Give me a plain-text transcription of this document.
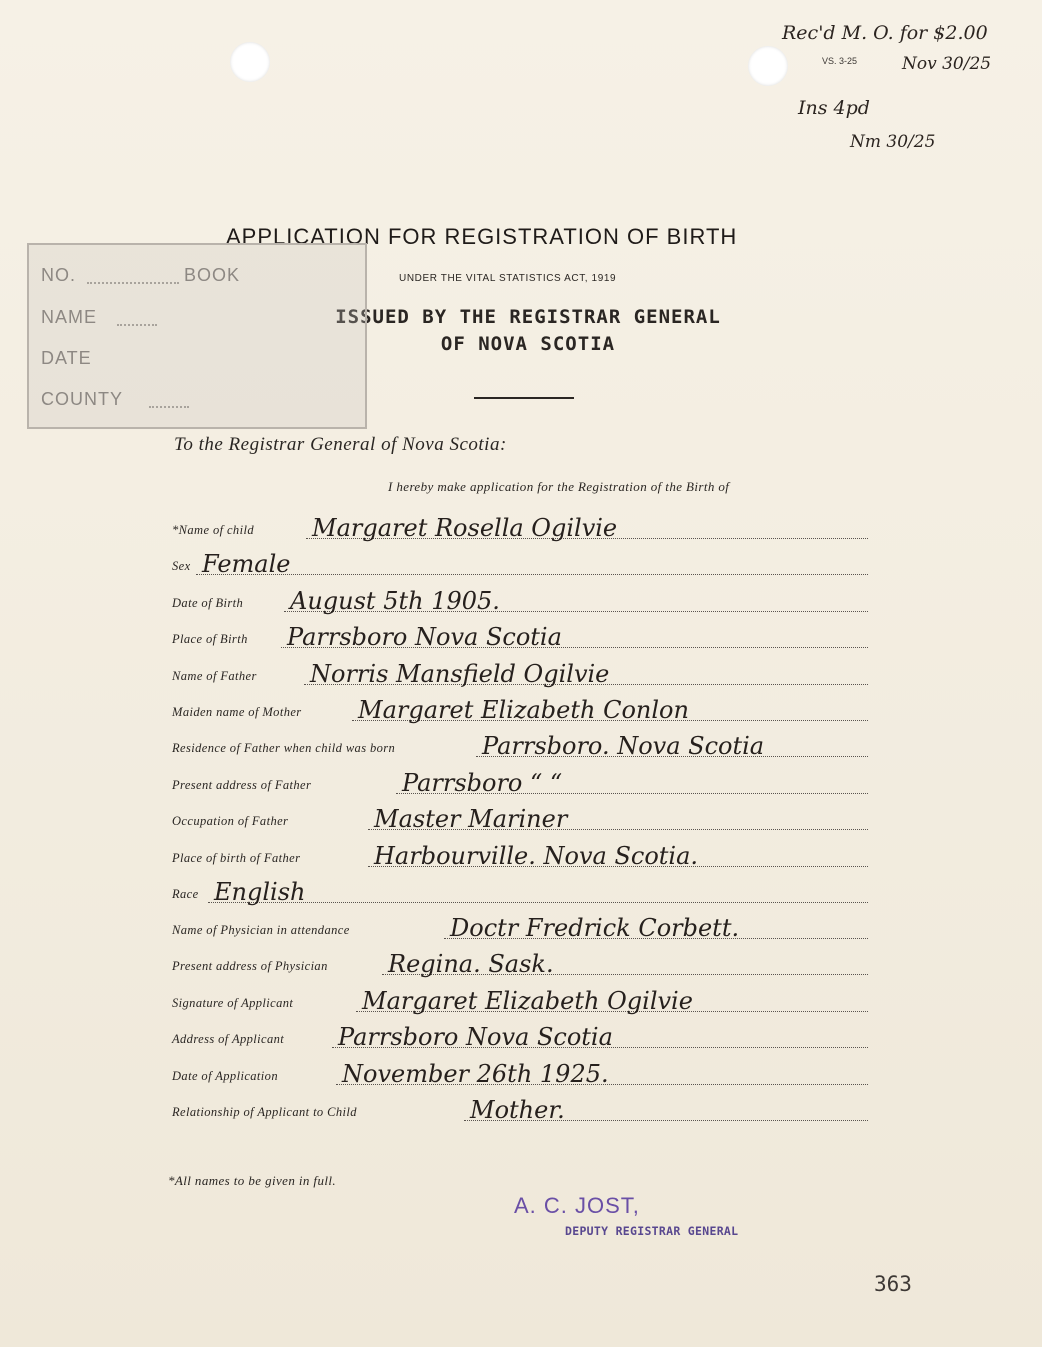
Rec'd M. O. for $2.00
VS. 3-25	Nov 30/25
Ins 4pd
Nm 30/25
APPLICATION FOR REGISTRATION OF BIRTH
UNDER THE VITAL STATISTICS ACT, 1919
ISSUED BY THE REGISTRAR GENERAL
OF NOVA SCOTIA
NO.	BOOK
NAME
DATE
COUNTY
To the Registrar General of Nova Scotia:
I hereby make application for the Registration of the Birth of
*Name of child Margaret Rosella Ogilvie
Sex Female
Date of Birth August 5th 1905.
Place of Birth Parrsboro Nova Scotia
Name of Father Norris Mansfield Ogilvie
Maiden name of Mother Margaret Elizabeth Conlon
Residence of Father when child was born	Parrsboro. Nova Scotia
Present address of Father	Parrsboro “ “
Occupation of Father	Master Mariner
Place of birth of Father	Harbourville. Nova Scotia.
Race English
Name of Physician in attendance	Doctr Fredrick Corbett.
Present address of Physician	Regina. Sask.
Signature of Applicant	Margaret Elizabeth Ogilvie
Address of Applicant Parrsboro Nova Scotia
Date of Application	November 26th 1925.
Relationship of Applicant to Child	Mother.
*All names to be given in full.
A. C. JOST,
DEPUTY REGISTRAR GENERAL
363
